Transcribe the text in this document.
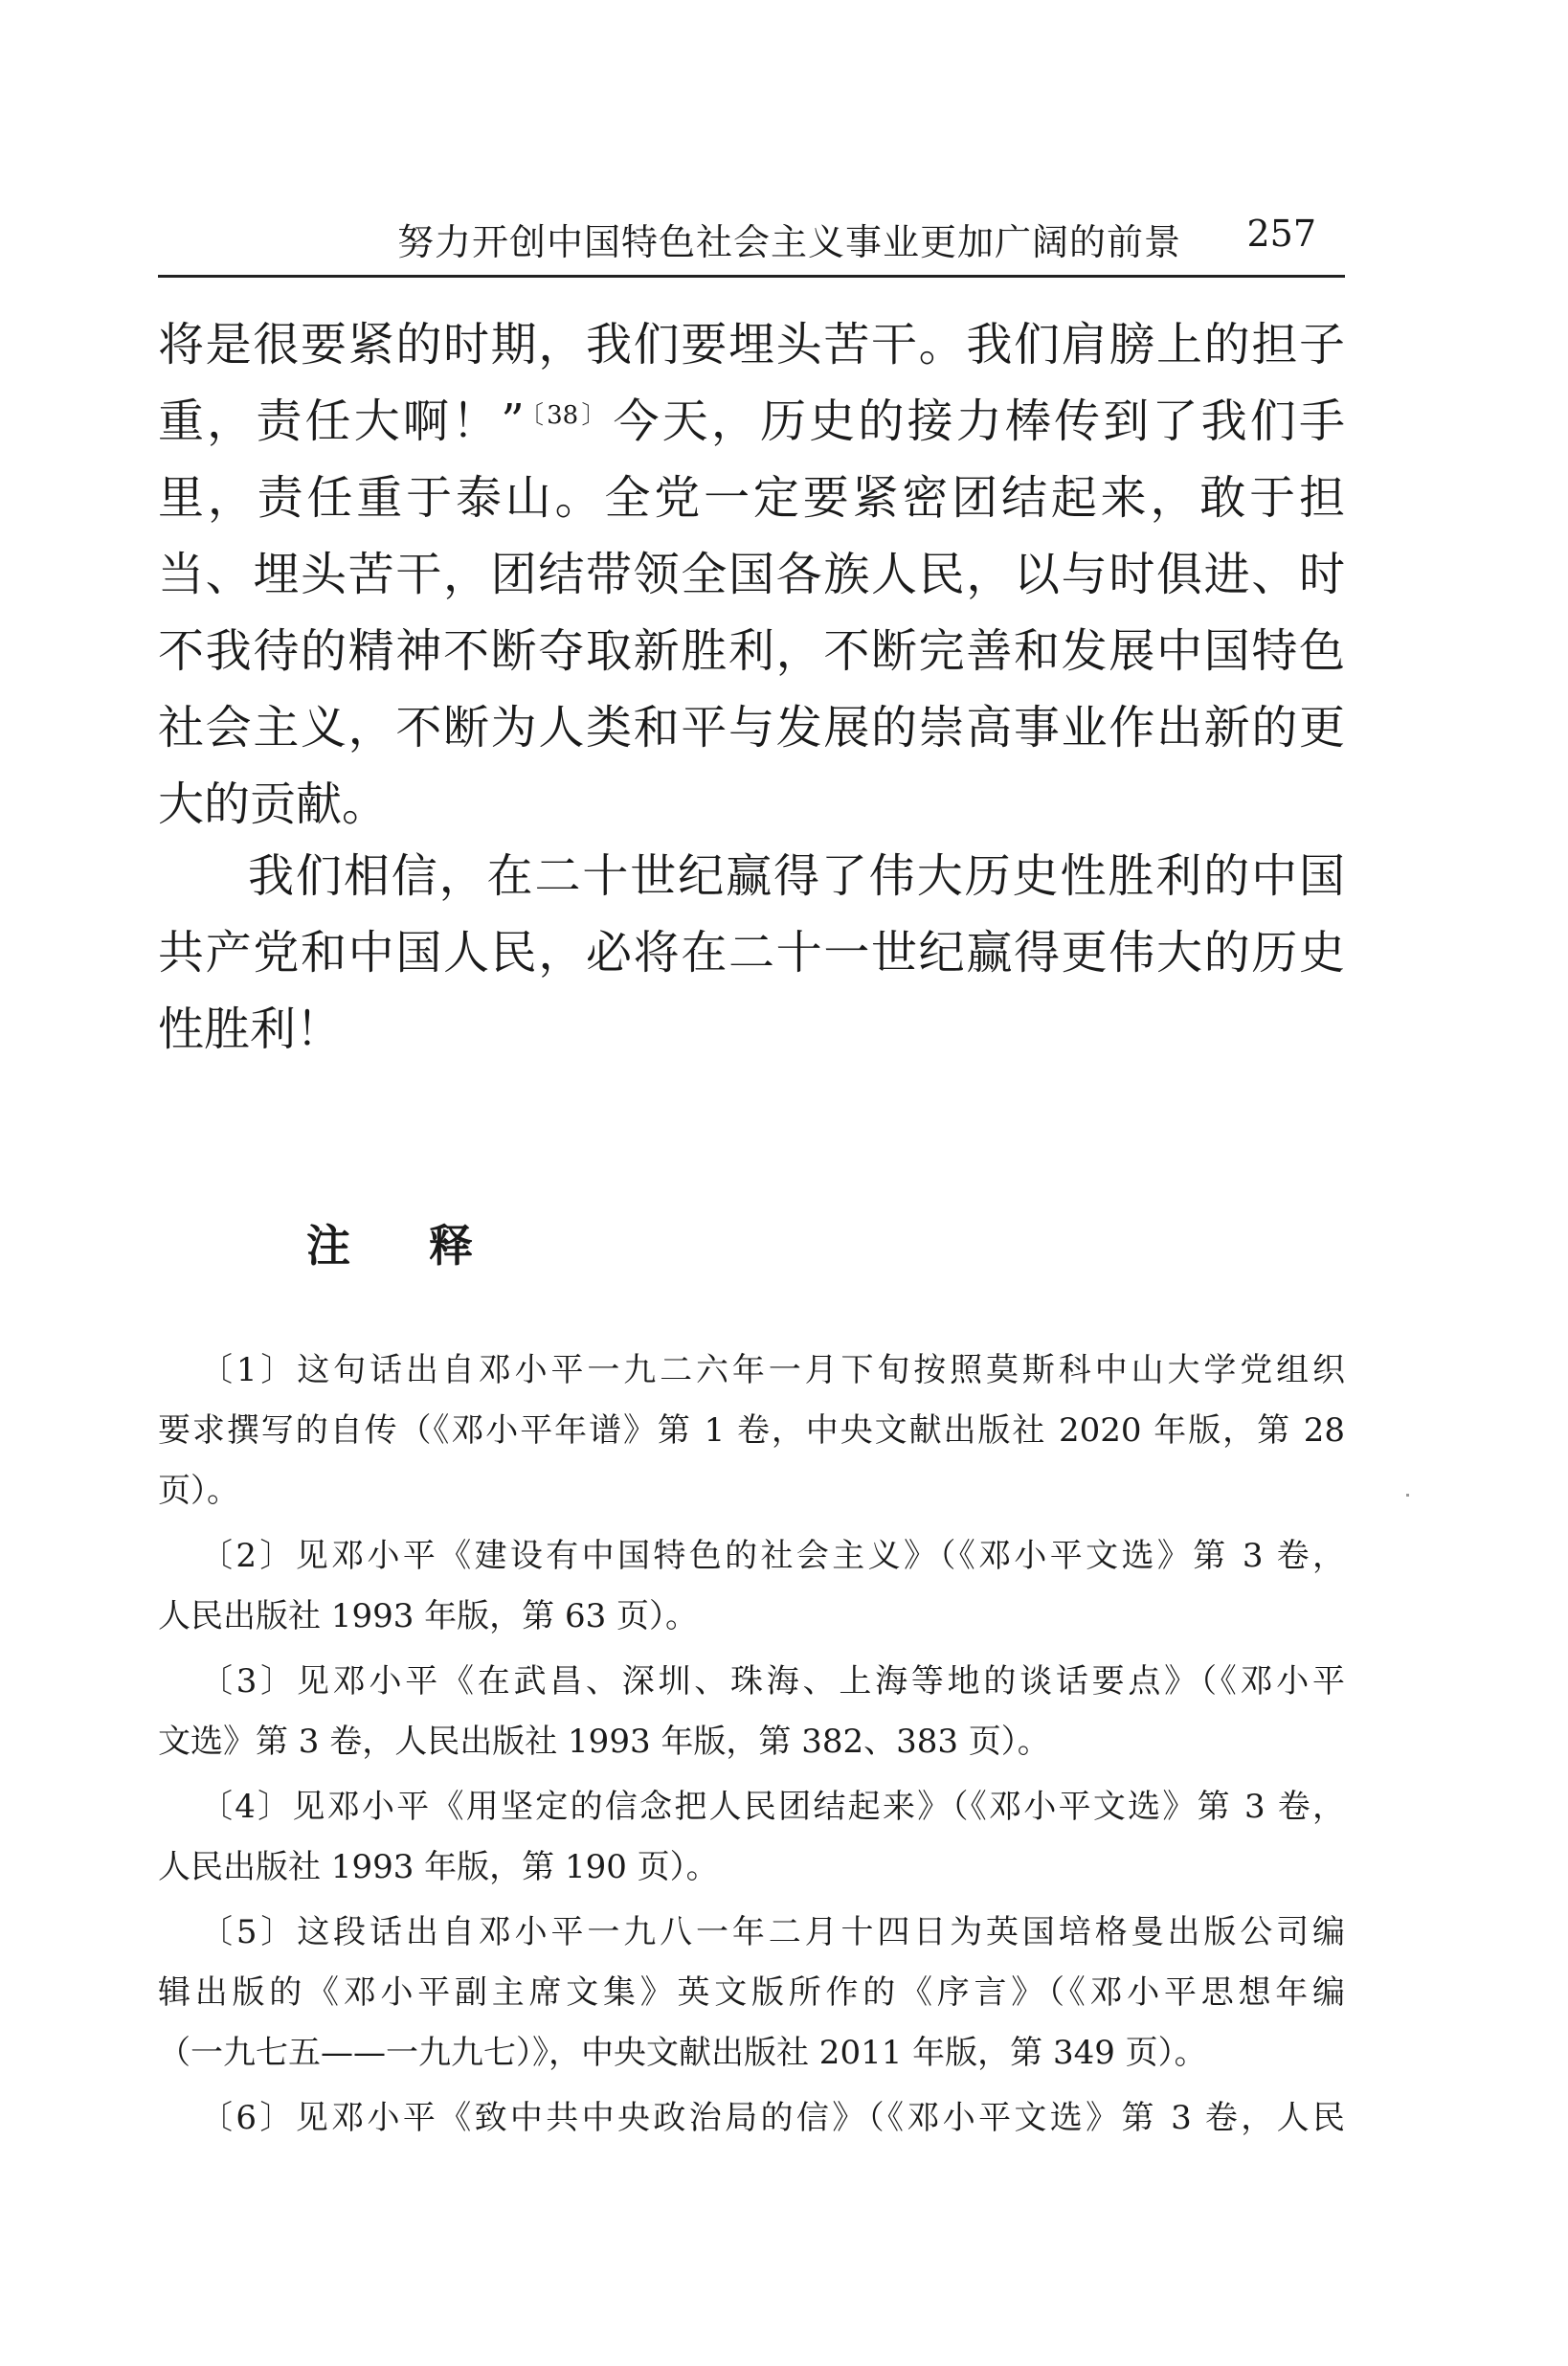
努力开创中国特色社会主义事业更加广阔的前景 257
将是很要紧的时期，我们要埋头苦干。我们肩膀上的担子
重，责任大啊！” $^{〔38〕}$今天，历史的接力棒传到了我们手
里，责任重于泰山。全党一定要紧密团结起来，敢于担
当、埋头苦干，团结带领全国各族人民，以与时俱进、时
不我待的精神不断夺取新胜利，不断完善和发展中国特色
社会主义，不断为人类和平与发展的崇高事业作出新的更
大的贡献。
我们相信，在二十世纪赢得了伟大历史性胜利的中国
共产党和中国人民，必将在二十一世纪赢得更伟大的历史
性胜利！
注释
〔1〕这句话出自邓小平一九二六年一月下旬按照莫斯科中山大学党组织
要求撰写的自传（《邓小平年谱》第 1 卷，中央文献出版社 2020 年版，第 28
页）。
〔2〕见邓小平《建设有中国特色的社会主义》（《邓小平文选》第 3 卷，
人民出版社 1993 年版，第 63 页）。
〔3〕见邓小平《在武昌、深圳、珠海、上海等地的谈话要点》（《邓小平
文选》第 3 卷，人民出版社 1993 年版，第 382、383 页）。
〔4〕见邓小平《用坚定的信念把人民团结起来》（《邓小平文选》第 3 卷，
人民出版社 1993 年版，第 190 页）。
〔5〕这段话出自邓小平一九八一年二月十四日为英国培格曼出版公司编
辑出版的《邓小平副主席文集》英文版所作的《序言》（《邓小平思想年编
（一九七五——一九九七）》，中央文献出版社 2011 年版，第 349 页）。
〔6〕见邓小平《致中共中央政治局的信》（《邓小平文选》第 3 卷，人民
